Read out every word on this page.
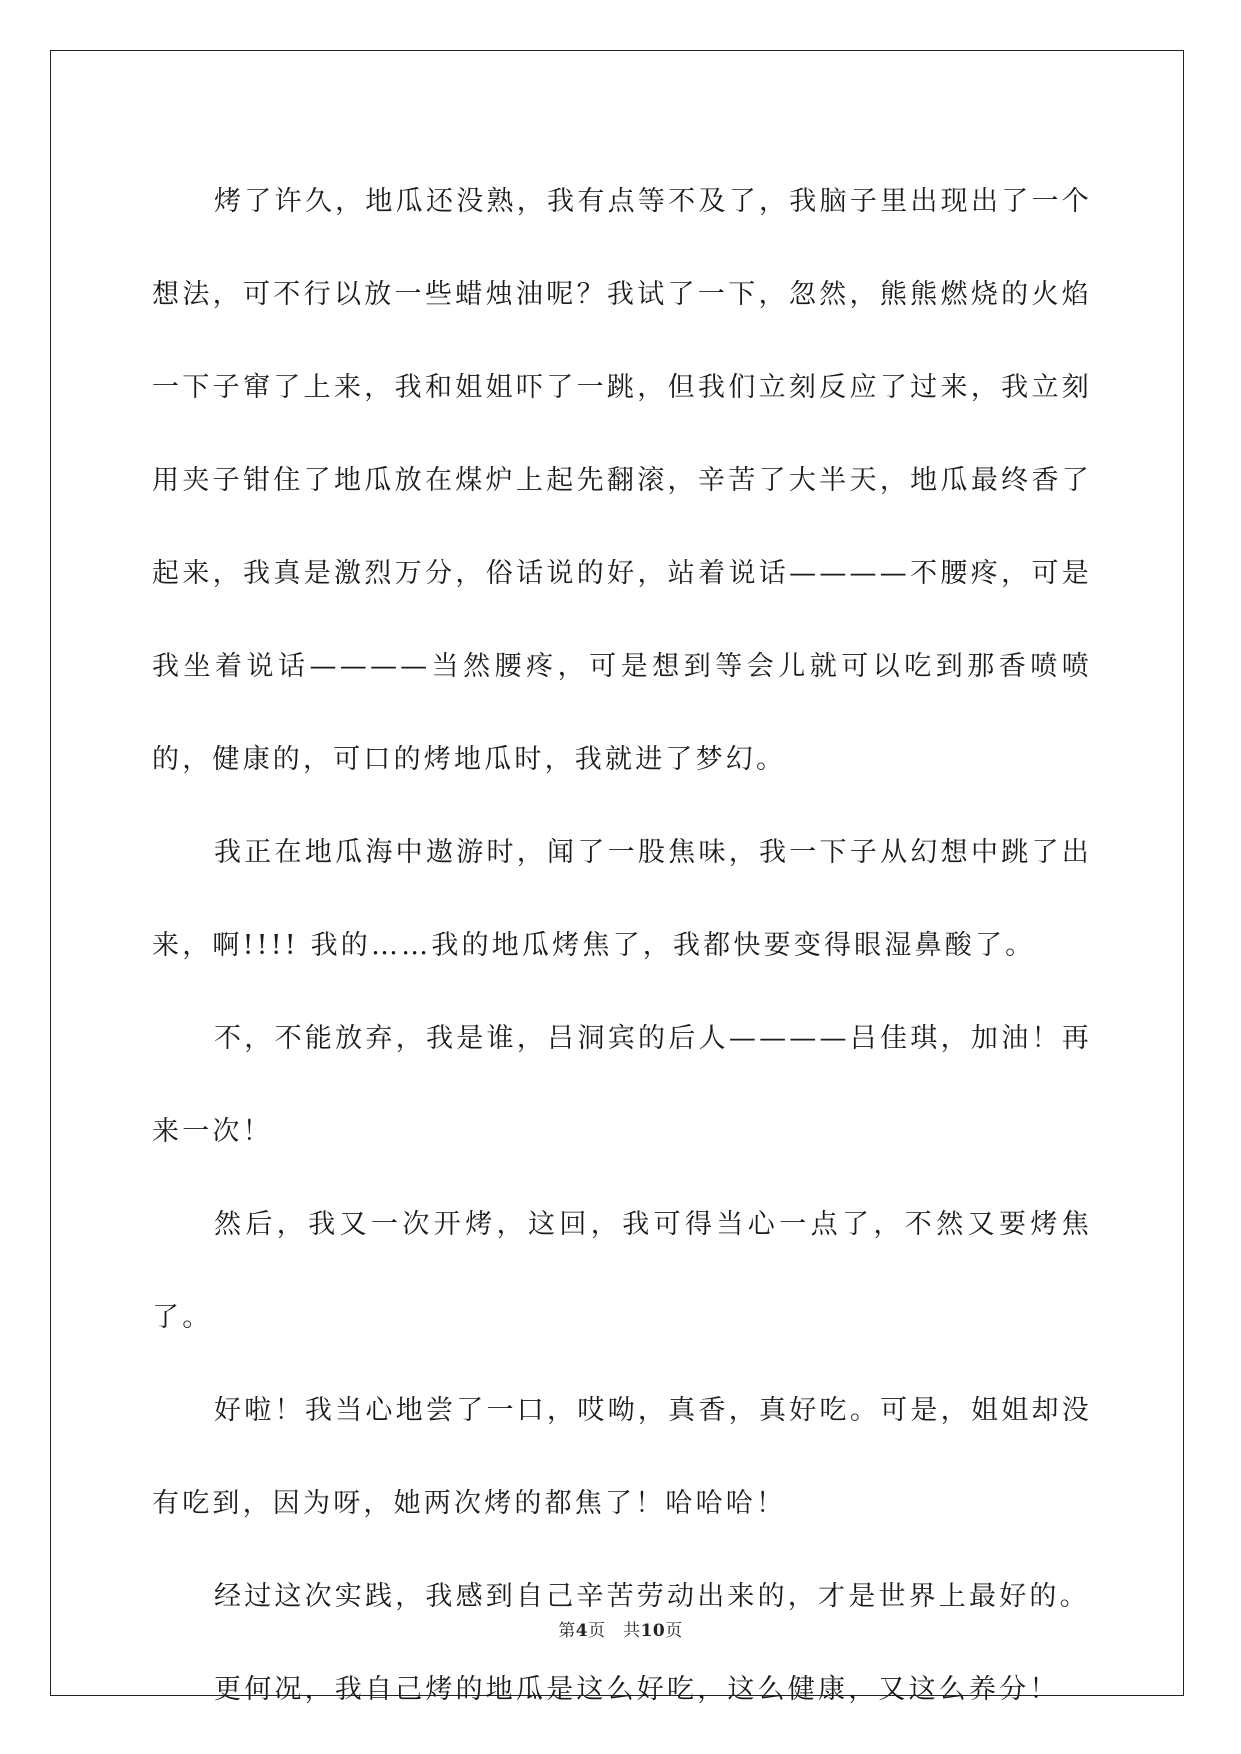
烤了许久，地瓜还没熟，我有点等不及了，我脑子里出现出了一个想法，可不行以放一些蜡烛油呢？我试了一下，忽然，熊熊燃烧的火焰一下子窜了上来，我和姐姐吓了一跳，但我们立刻反应了过来，我立刻用夹子钳住了地瓜放在煤炉上起先翻滚，辛苦了大半天，地瓜最终香了起来，我真是激烈万分，俗话说的好，站着说话————不腰疼，可是我坐着说话————当然腰疼，可是想到等会儿就可以吃到那香喷喷的，健康的，可口的烤地瓜时，我就进了梦幻。

我正在地瓜海中遨游时，闻了一股焦味，我一下子从幻想中跳了出来，啊!!!! 我的……我的地瓜烤焦了，我都快要变得眼湿鼻酸了。

不，不能放弃，我是谁，吕洞宾的后人————吕佳琪，加油！再来一次！

然后，我又一次开烤，这回，我可得当心一点了，不然又要烤焦了。

好啦！我当心地尝了一口，哎呦，真香，真好吃。可是，姐姐却没有吃到，因为呀，她两次烤的都焦了！哈哈哈！

经过这次实践，我感到自己辛苦劳动出来的，才是世界上最好的。

更何况，我自己烤的地瓜是这么好吃，这么健康，又这么养分！

第4页　共10页
